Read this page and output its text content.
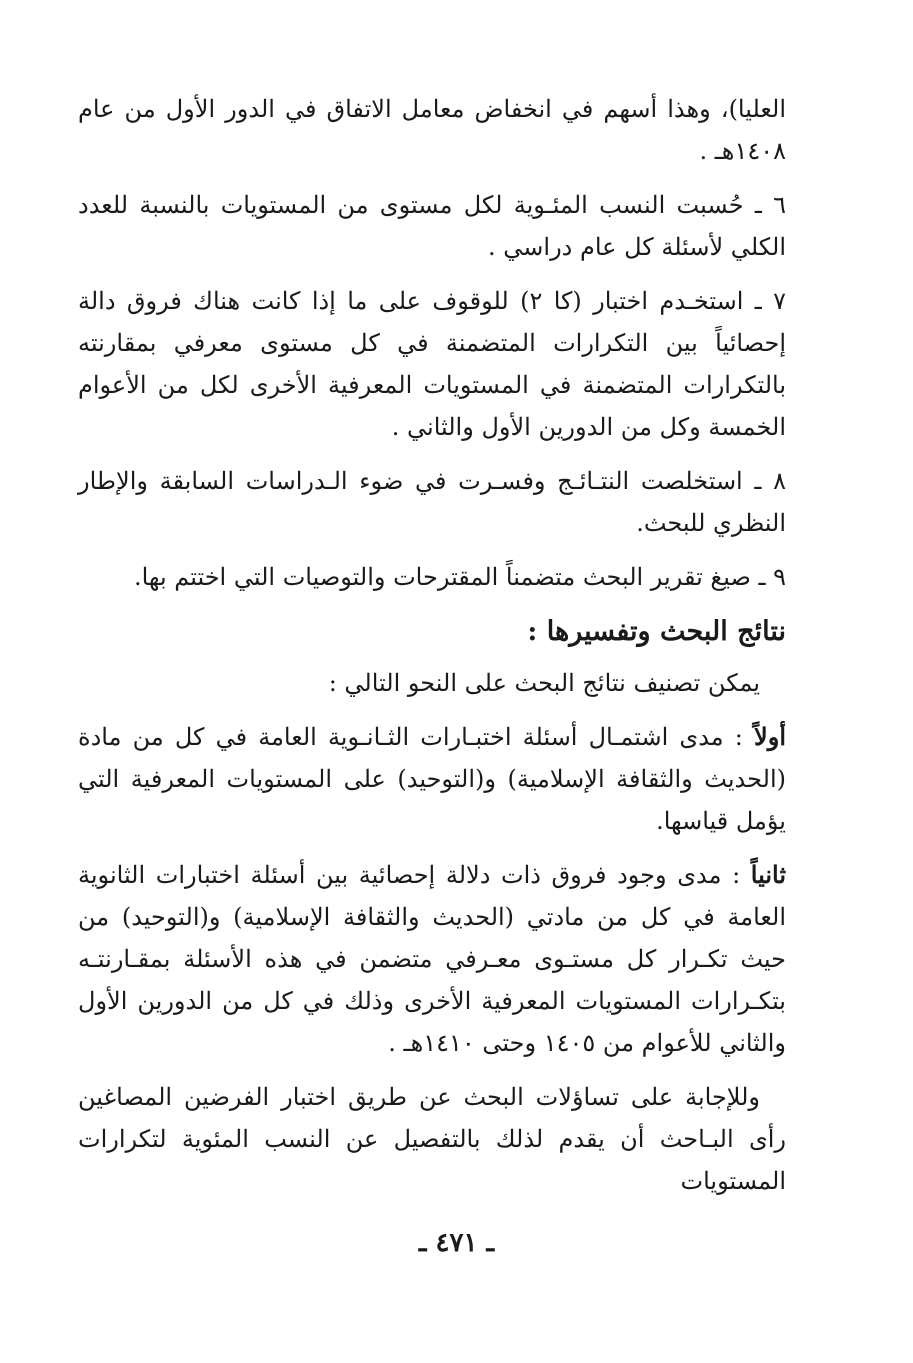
العليا)، وهذا أسهم في انخفاض معامل الاتفاق في الدور الأول من عام ١٤٠٨هـ .

٦ ـ حُسبت النسب المئـوية لكل مستوى من المستويات بالنسبة للعدد الكلي لأسئلة كل عام دراسي .

٧ ـ استخـدم اختبار (كا ٢) للوقوف على ما إذا كانت هناك فروق دالة إحصائياً بين التكرارات المتضمنة في كل مستوى معرفي بمقارنته بالتكرارات المتضمنة في المستويات المعرفية الأخرى لكل من الأعوام الخمسة وكل من الدورين الأول والثاني .

٨ ـ استخلصت النتـائـج وفسـرت في ضوء الـدراسات السابقة والإطار النظري للبحث.

٩ ـ صيغ تقرير البحث متضمناً المقترحات والتوصيات التي اختتم بها.

نتائج البحث وتفسيرها :

يمكن تصنيف نتائج البحث على النحو التالي :

أولاً : مدى اشتمـال أسئلة اختبـارات الثـانـوية العامة في كل من مادة (الحديث والثقافة الإسلامية) و(التوحيد) على المستويات المعرفية التي يؤمل قياسها.

ثانياً : مدى وجود فروق ذات دلالة إحصائية بين أسئلة اختبارات الثانوية العامة في كل من مادتي (الحديث والثقافة الإسلامية) و(التوحيد) من حيث تكـرار كل مستـوى معـرفي متضمن في هذه الأسئلة بمقـارنتـه بتكـرارات المستويات المعرفية الأخرى وذلك في كل من الدورين الأول والثاني للأعوام من ١٤٠٥ وحتى ١٤١٠هـ .

وللإجابة على تساؤلات البحث عن طريق اختبار الفرضين المصاغين رأى البـاحث أن يقدم لذلك بالتفصيل عن النسب المئوية لتكرارات المستويات

ـ ٤٧١ ـ
